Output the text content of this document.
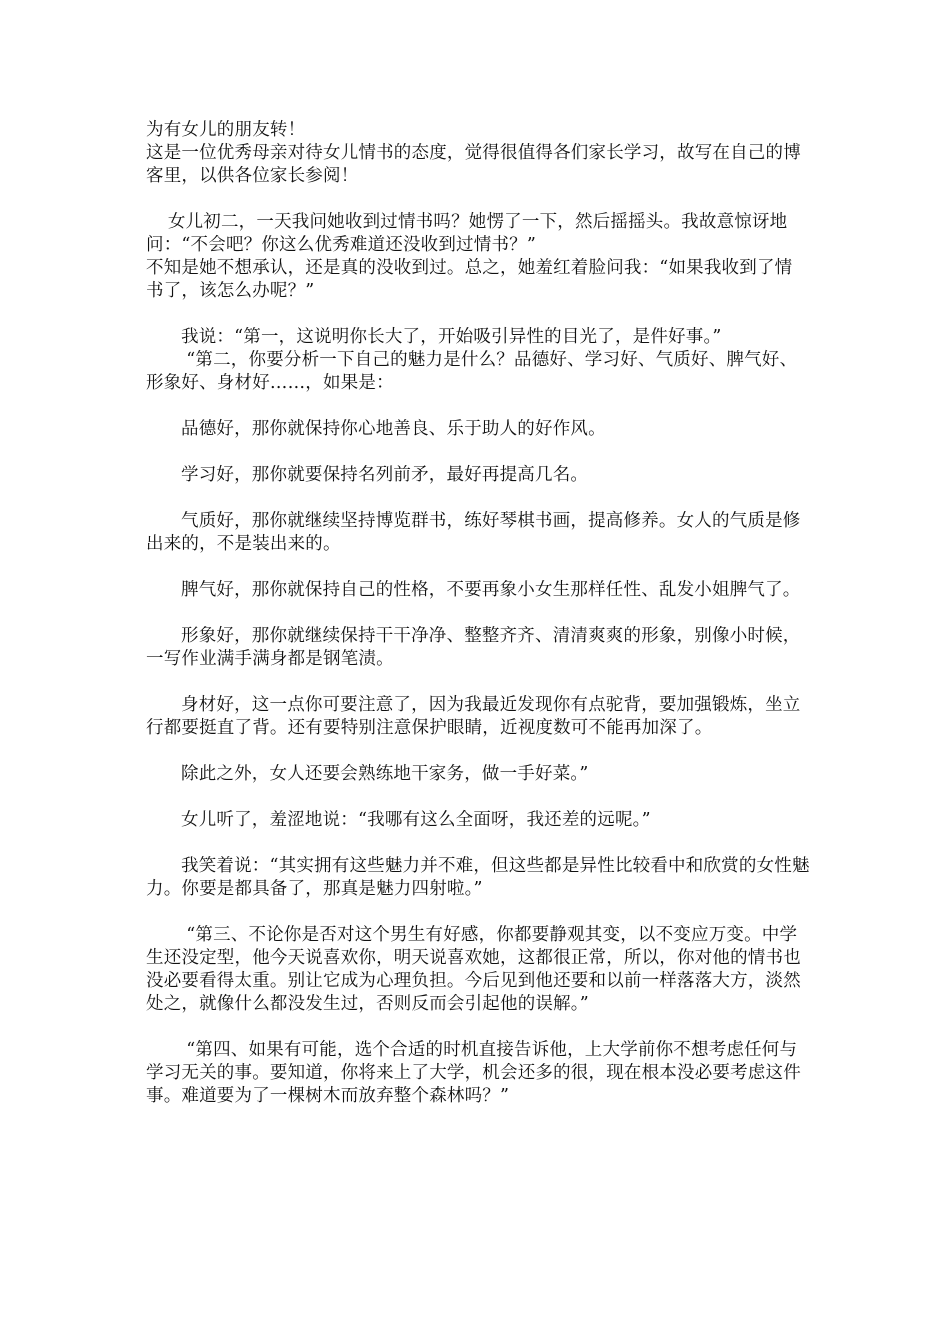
为有女儿的朋友转！

这是一位优秀母亲对待女儿情书的态度，觉得很值得各们家长学习，故写在自己的博客里，以供各位家长参阅！

女儿初二，一天我问她收到过情书吗？她愣了一下，然后摇摇头。我故意惊讶地问：“不会吧？你这么优秀难道还没收到过情书？”

不知是她不想承认，还是真的没收到过。总之，她羞红着脸问我：“如果我收到了情书了，该怎么办呢？”

我说：“第一，这说明你长大了，开始吸引异性的目光了，是件好事。”

“第二，你要分析一下自己的魅力是什么？品德好、学习好、气质好、脾气好、形象好、身材好……，如果是：

品德好，那你就保持你心地善良、乐于助人的好作风。

学习好，那你就要保持名列前矛，最好再提高几名。

气质好，那你就继续坚持博览群书，练好琴棋书画，提高修养。女人的气质是修出来的，不是装出来的。

脾气好，那你就保持自己的性格，不要再象小女生那样任性、乱发小姐脾气了。

形象好，那你就继续保持干干净净、整整齐齐、清清爽爽的形象，别像小时候，一写作业满手满身都是钢笔渍。

身材好，这一点你可要注意了，因为我最近发现你有点驼背，要加强锻炼，坐立行都要挺直了背。还有要特别注意保护眼睛，近视度数可不能再加深了。

除此之外，女人还要会熟练地干家务，做一手好菜。”

女儿听了，羞涩地说：“我哪有这么全面呀，我还差的远呢。”

我笑着说：“其实拥有这些魅力并不难，但这些都是异性比较看中和欣赏的女性魅力。你要是都具备了，那真是魅力四射啦。”

“第三、不论你是否对这个男生有好感，你都要静观其变，以不变应万变。中学生还没定型，他今天说喜欢你，明天说喜欢她，这都很正常，所以，你对他的情书也没必要看得太重。别让它成为心理负担。今后见到他还要和以前一样落落大方，淡然处之，就像什么都没发生过，否则反而会引起他的误解。”

“第四、如果有可能，选个合适的时机直接告诉他，上大学前你不想考虑任何与学习无关的事。要知道，你将来上了大学，机会还多的很，现在根本没必要考虑这件事。难道要为了一棵树木而放弃整个森林吗？”
